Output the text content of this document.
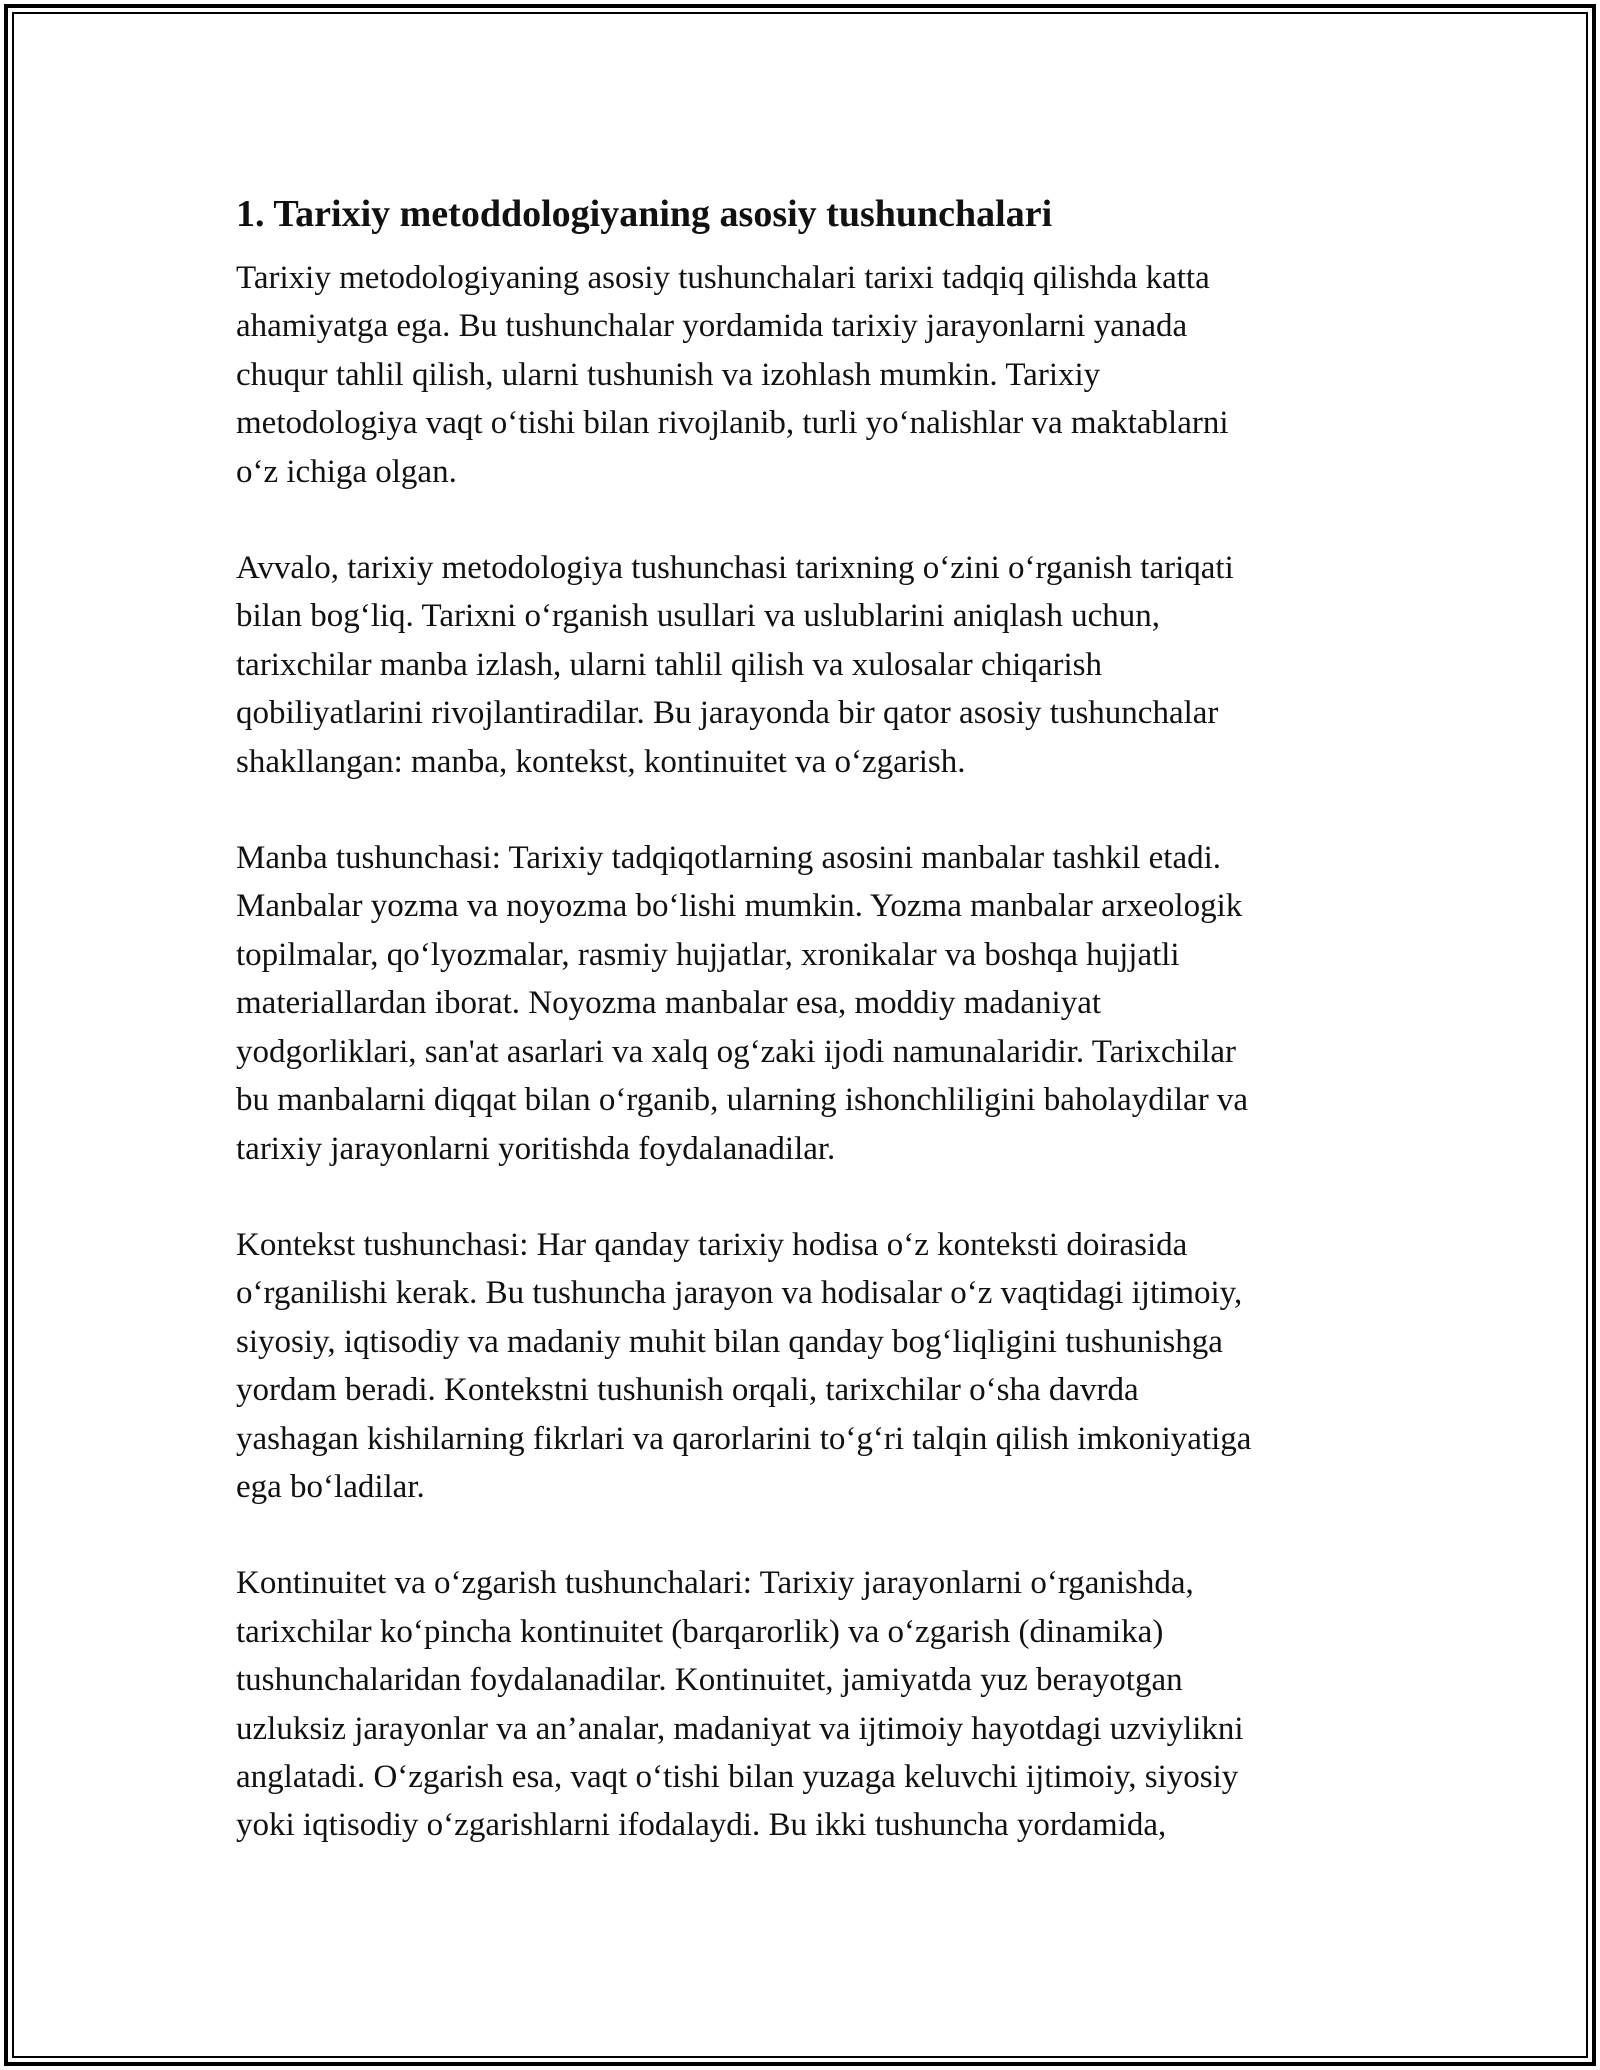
1. Tarixiy metoddologiyaning asosiy tushunchalari

Tarixiy metodologiyaning asosiy tushunchalari tarixi tadqiq qilishda katta
ahamiyatga ega. Bu tushunchalar yordamida tarixiy jarayonlarni yanada
chuqur tahlil qilish, ularni tushunish va izohlash mumkin. Tarixiy
metodologiya vaqt o‘tishi bilan rivojlanib, turli yo‘nalishlar va maktablarni
o‘z ichiga olgan.

Avvalo, tarixiy metodologiya tushunchasi tarixning o‘zini o‘rganish tariqati
bilan bog‘liq. Tarixni o‘rganish usullari va uslublarini aniqlash uchun,
tarixchilar manba izlash, ularni tahlil qilish va xulosalar chiqarish
qobiliyatlarini rivojlantiradilar. Bu jarayonda bir qator asosiy tushunchalar
shakllangan: manba, kontekst, kontinuitet va o‘zgarish.

Manba tushunchasi: Tarixiy tadqiqotlarning asosini manbalar tashkil etadi.
Manbalar yozma va noyozma bo‘lishi mumkin. Yozma manbalar arxeologik
topilmalar, qo‘lyozmalar, rasmiy hujjatlar, xronikalar va boshqa hujjatli
materiallardan iborat. Noyozma manbalar esa, moddiy madaniyat
yodgorliklari, san'at asarlari va xalq og‘zaki ijodi namunalaridir. Tarixchilar
bu manbalarni diqqat bilan o‘rganib, ularning ishonchliligini baholaydilar va
tarixiy jarayonlarni yoritishda foydalanadilar.

Kontekst tushunchasi: Har qanday tarixiy hodisa o‘z konteksti doirasida
o‘rganilishi kerak. Bu tushuncha jarayon va hodisalar o‘z vaqtidagi ijtimoiy,
siyosiy, iqtisodiy va madaniy muhit bilan qanday bog‘liqligini tushunishga
yordam beradi. Kontekstni tushunish orqali, tarixchilar o‘sha davrda
yashagan kishilarning fikrlari va qarorlarini to‘g‘ri talqin qilish imkoniyatiga
ega bo‘ladilar.

Kontinuitet va o‘zgarish tushunchalari: Tarixiy jarayonlarni o‘rganishda,
tarixchilar ko‘pincha kontinuitet (barqarorlik) va o‘zgarish (dinamika)
tushunchalaridan foydalanadilar. Kontinuitet, jamiyatda yuz berayotgan
uzluksiz jarayonlar va an’analar, madaniyat va ijtimoiy hayotdagi uzviylikni
anglatadi. O‘zgarish esa, vaqt o‘tishi bilan yuzaga keluvchi ijtimoiy, siyosiy
yoki iqtisodiy o‘zgarishlarni ifodalaydi. Bu ikki tushuncha yordamida,
